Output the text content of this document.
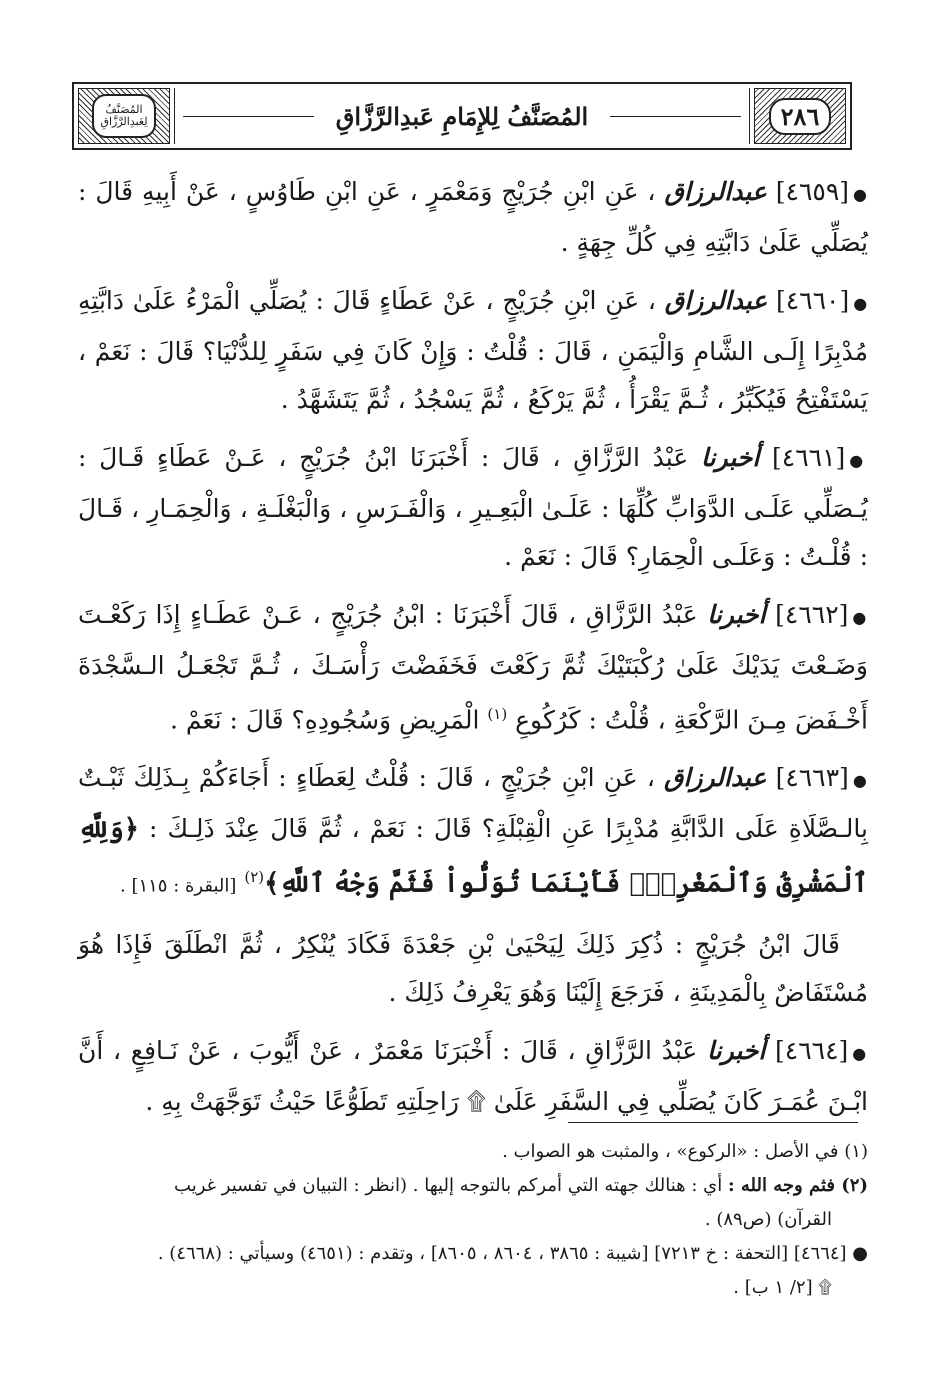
المُصَنَّفُ
لِعَبدِالرَّزَّاقِ	المُصَنَّفُ لِلإِمَامِ عَبدِالرَّزَّاقِ	٢٨٦

●[٤٦٥٩] عبدالرزاق ، عَنِ ابْنِ جُرَيْجٍ وَمَعْمَرٍ ، عَنِ ابْنِ طَاوُسٍ ، عَنْ أَبِيهِ قَالَ : يُصَلِّي عَلَىٰ دَابَّتِهِ فِي كُلِّ جِهَةٍ .

●[٤٦٦٠] عبدالرزاق ، عَنِ ابْنِ جُرَيْجٍ ، عَنْ عَطَاءٍ قَالَ : يُصَلِّي الْمَرْءُ عَلَىٰ دَابَّتِهِ مُدْبِرًا إِلَـى الشَّامِ وَالْيَمَنِ ، قَالَ : قُلْتُ : وَإِنْ كَانَ فِي سَفَرٍ لِلدُّنْيَا؟ قَالَ : نَعَمْ ، يَسْتَفْتِحُ فَيُكَبِّرُ ، ثُـمَّ يَقْرَأُ ، ثُمَّ يَرْكَعُ ، ثُمَّ يَسْجُدُ ، ثُمَّ يَتَشَهَّدُ .

●[٤٦٦١] أخبرنا عَبْدُ الرَّزَّاقِ ، قَالَ : أَخْبَرَنَا ابْنُ جُرَيْجٍ ، عَـنْ عَطَاءٍ قَـالَ : يُـصَلِّي عَلَـى الدَّوَابِّ كُلِّهَا : عَلَـىٰ الْبَعِـيرِ ، وَالْفَـرَسِ ، وَالْبَغْلَـةِ ، وَالْحِمَـارِ ، قَـالَ : قُلْـتُ : وَعَلَـى الْحِمَارِ؟ قَالَ : نَعَمْ .

●[٤٦٦٢] أخبرنا عَبْدُ الرَّزَّاقِ ، قَالَ أَخْبَرَنَا : ابْنُ جُرَيْجٍ ، عَـنْ عَطَـاءٍ إِذَا رَكَعْـتَ وَضَـعْتَ يَدَيْكَ عَلَىٰ رُكْبَتَيْكَ ثُمَّ رَكَعْتَ فَخَفَضْتَ رَأْسَـكَ ، ثُـمَّ تَجْعَـلُ الـسَّجْدَةَ أَخْـفَضَ مِـنَ الرَّكْعَةِ ، قُلْتُ : كَرُكُوعِ $^{(١)}$ الْمَرِيضِ وَسُجُودِهِ؟ قَالَ : نَعَمْ .

●[٤٦٦٣] عبدالرزاق ، عَنِ ابْنِ جُرَيْجٍ ، قَالَ : قُلْتُ لِعَطَاءٍ : أَجَاءَكُمْ بِـذَلِكَ ثَبْـتٌ بِالـصَّلَاةِ عَلَى الدَّابَّةِ مُدْبِرًا عَنِ الْقِبْلَةِ؟ قَالَ : نَعَمْ ، ثُمَّ قَالَ عِنْدَ ذَلِـكَ : ﴿وَلِلَّهِ ٱلْمَشْرِقُ وَٱلْمَغْرِبُۚ فَأَيْنَمَا تُوَلُّواْ فَثَمَّ وَجْهُ ٱللَّهِ﴾$^{(٢)}$ [البقرة : ١١٥] .

قَالَ ابْنُ جُرَيْجٍ : ذُكِرَ ذَلِكَ لِيَحْيَىٰ بْنِ جَعْدَةَ فَكَادَ يُنْكِرُ ، ثُمَّ انْطَلَقَ فَإِذَا هُوَ مُسْتَفَاضٌ بِالْمَدِينَةِ ، فَرَجَعَ إِلَيْنَا وَهُوَ يَعْرِفُ ذَلِكَ .

●[٤٦٦٤] أخبرنا عَبْدُ الرَّزَّاقِ ، قَالَ : أَخْبَرَنَا مَعْمَرٌ ، عَنْ أَيُّوبَ ، عَنْ نَـافِعٍ ، أَنَّ ابْـنَ عُمَـرَ كَانَ يُصَلِّي فِي السَّفَرِ عَلَىٰ ۩ رَاحِلَتِهِ تَطَوُّعًا حَيْثُ تَوَجَّهَتْ بِهِ .

(١) في الأصل : «الركوع» ، والمثبت هو الصواب .

(٢) فثم وجه الله : أي : هنالك جهته التي أمركم بالتوجه إليها . (انظر : التبيان في تفسير غريب

القرآن) (ص٨٩) .

● [٤٦٦٤] [التحفة : خ ٧٢١٣] [شيبة : ٣٨٦٥ ، ٨٦٠٤ ، ٨٦٠٥] ، وتقدم : (٤٦٥١) وسيأتي : (٤٦٦٨) .

۩ [٢/ ١ ب] .
